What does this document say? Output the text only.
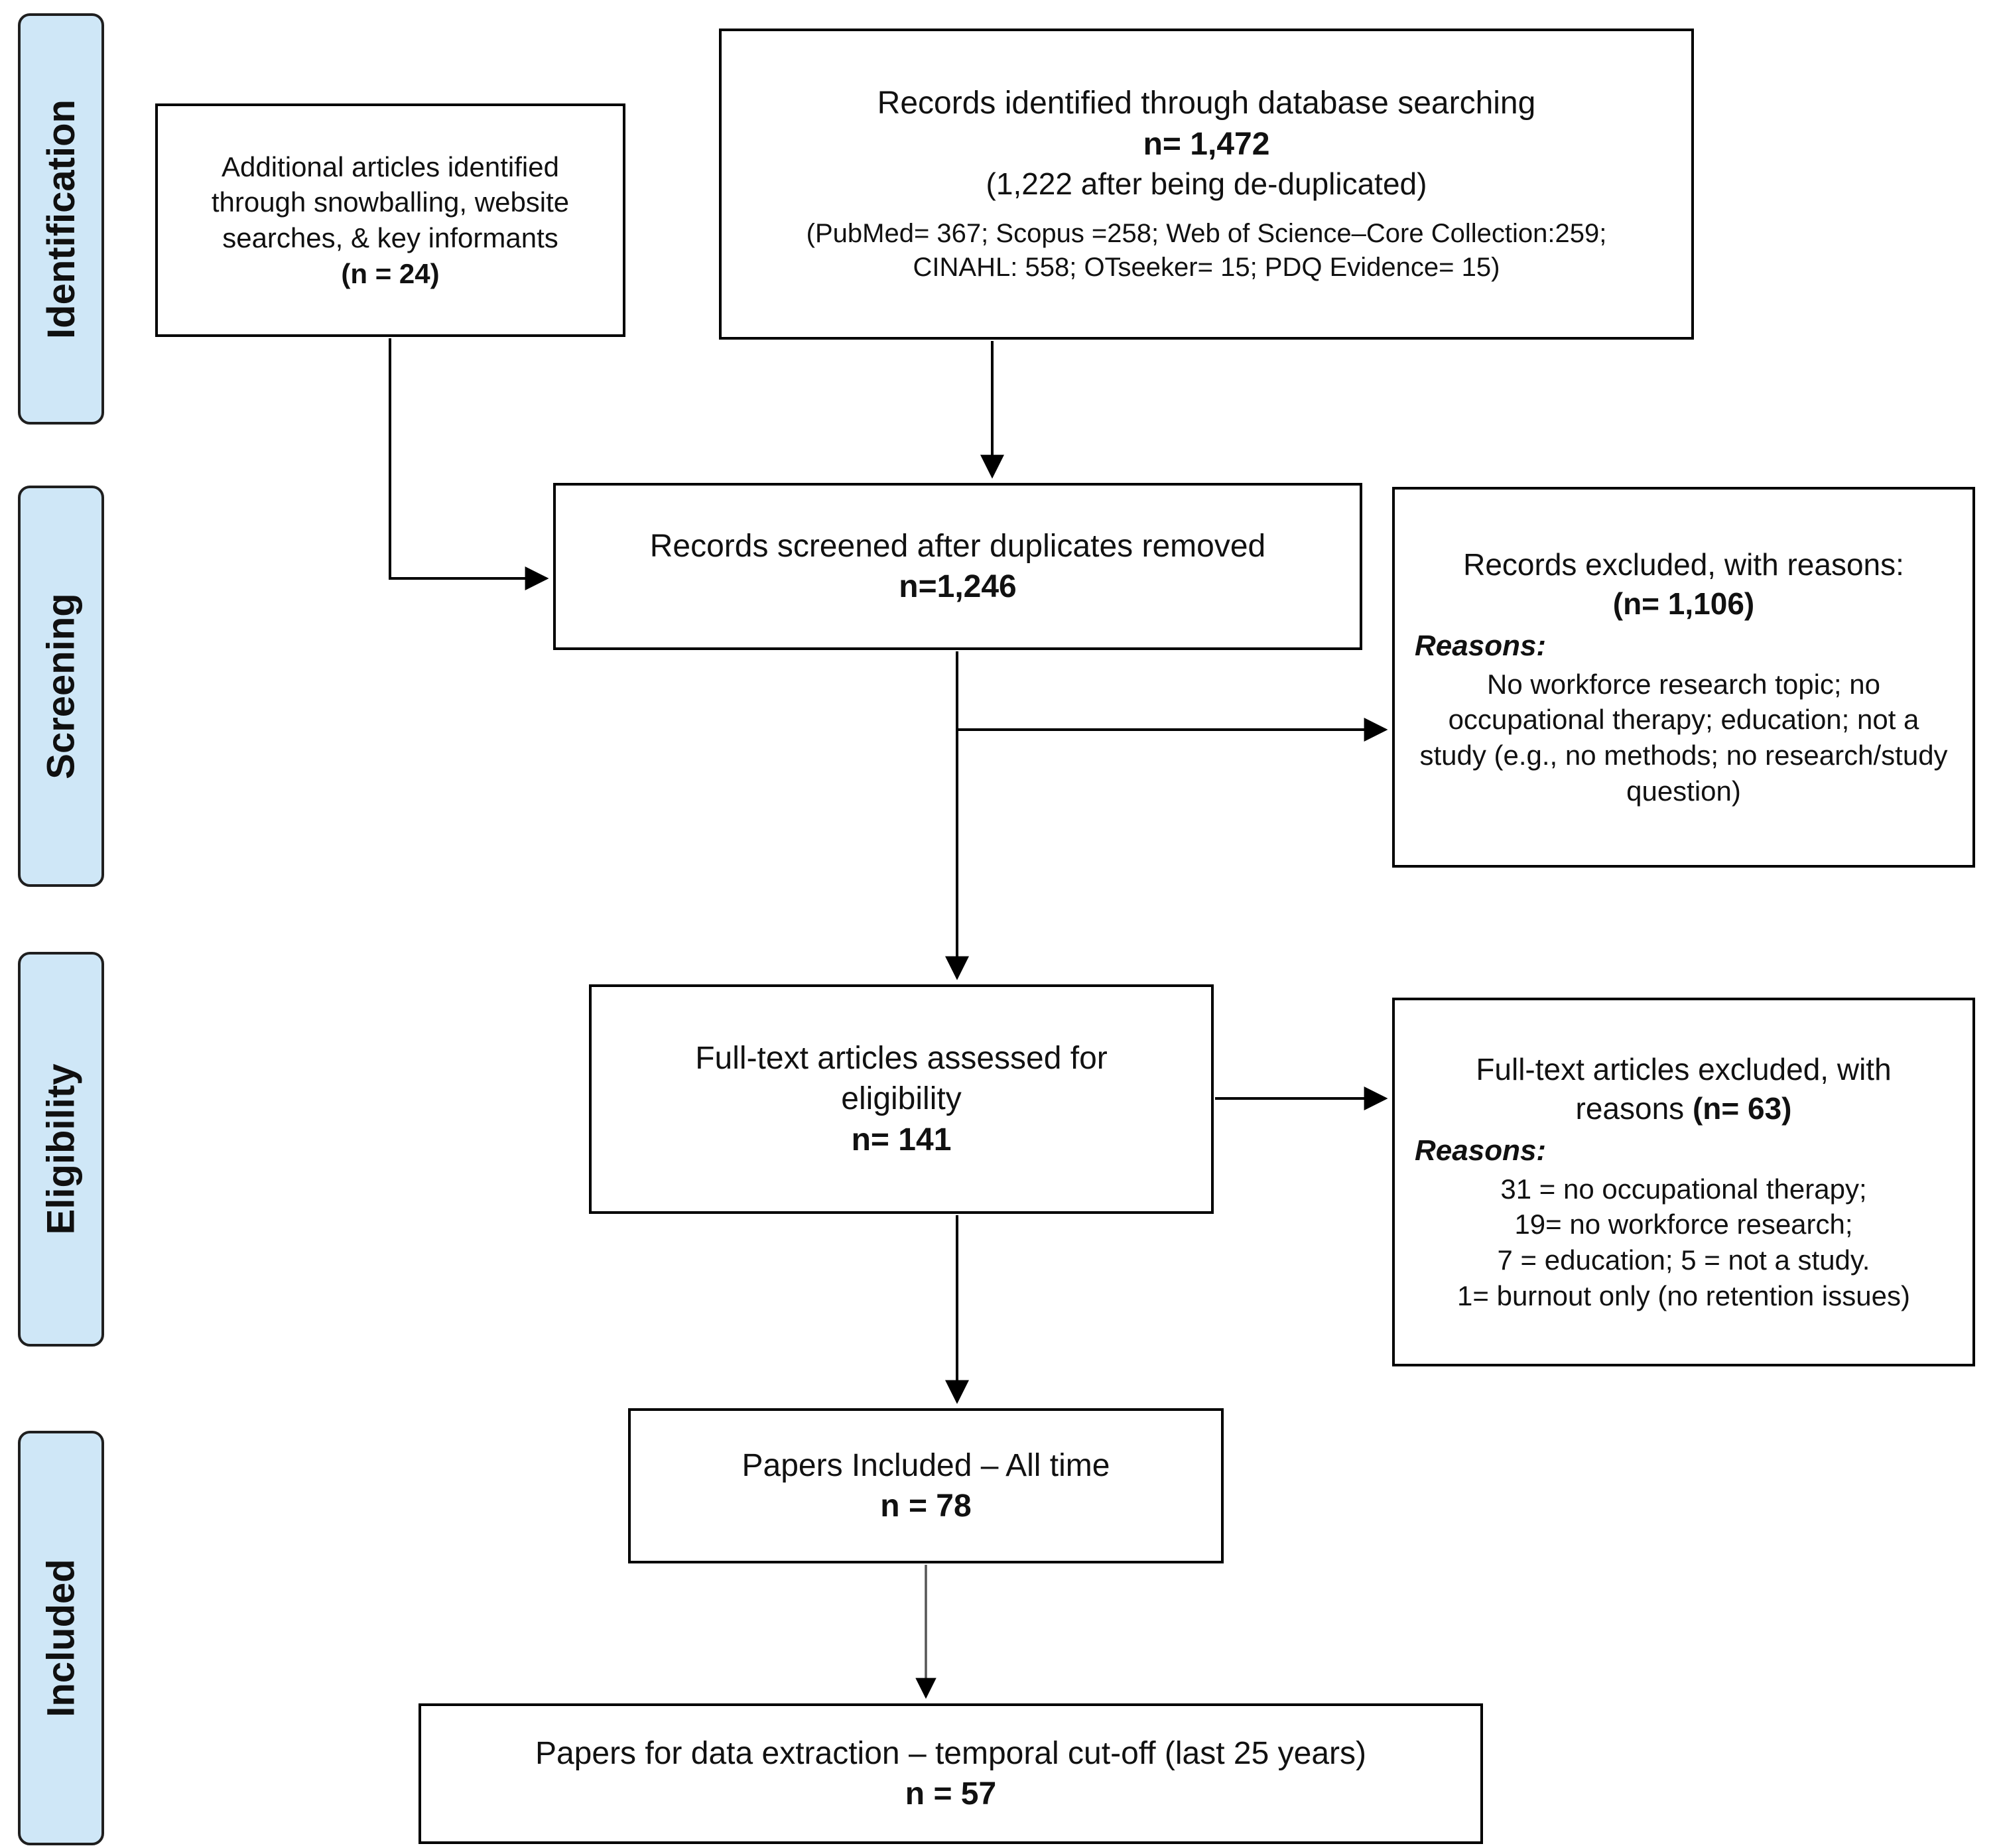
Identification
Screening
Eligibility
Included
Additional articles identified
through snowballing, website
searches, & key informants
(n = 24)
Records identified through database searching
n= 1,472
(1,222 after being de-duplicated)
(PubMed= 367; Scopus =258; Web of Science–Core Collection:259;
CINAHL: 558; OTseeker= 15; PDQ Evidence= 15)
Records screened after duplicates removed
n=1,246
Records excluded, with reasons:
(n= 1,106)
Reasons:
No workforce research topic; no occupational therapy; education; not a study (e.g., no methods; no research/study question)
Full-text articles assessed for
eligibility
n= 141
Full-text articles excluded, with
reasons (n= 63)
Reasons:
31 = no occupational therapy;
19= no workforce research;
7 = education; 5 = not a study.
1= burnout only (no retention issues)
Papers Included – All time
n = 78
Papers for data extraction – temporal cut-off (last 25 years)
n = 57
